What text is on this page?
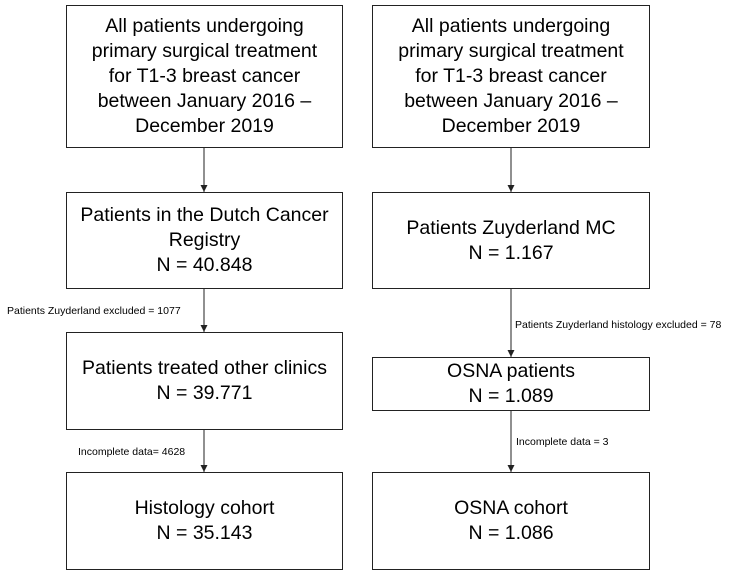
All patients undergoing
primary surgical treatment
for T1-3 breast cancer
between January 2016 –
December 2019
Patients in the Dutch Cancer
Registry
N = 40.848
Patients Zuyderland excluded = 1077
Patients treated other clinics
N = 39.771
Incomplete data= 4628
Histology cohort
N = 35.143
All patients undergoing
primary surgical treatment
for T1-3 breast cancer
between January 2016 –
December 2019
Patients Zuyderland MC
N = 1.167
Patients Zuyderland histology excluded = 78
OSNA patients
N = 1.089
Incomplete data = 3
OSNA cohort
N = 1.086
